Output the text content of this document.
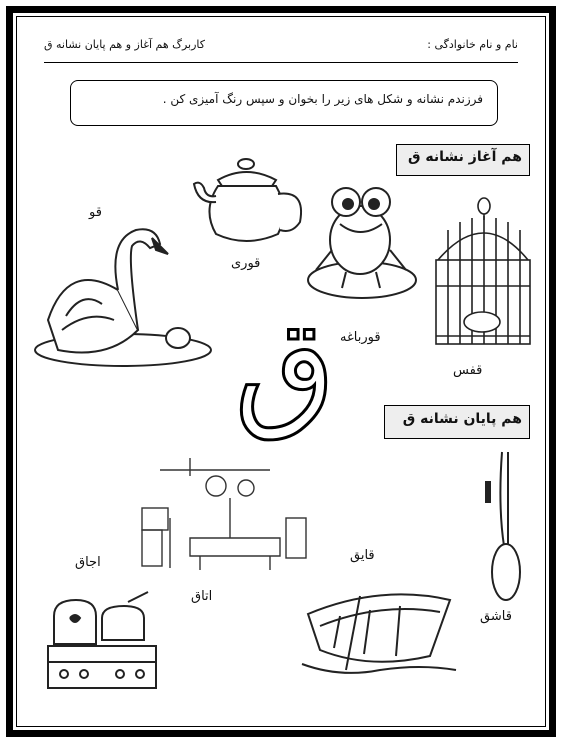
کاربرگ هم آغاز و هم پایان نشانه ق	نام و نام خانوادگی :
فرزندم نشانه و شکل های زیر را بخوان و سپس رنگ آمیزی کن .
هم آغاز نشانه ق
هم پایان نشانه ق
قوری
قو
قورباغه
قفس
ق
اتاق
اجاق	قایق
قاشق
